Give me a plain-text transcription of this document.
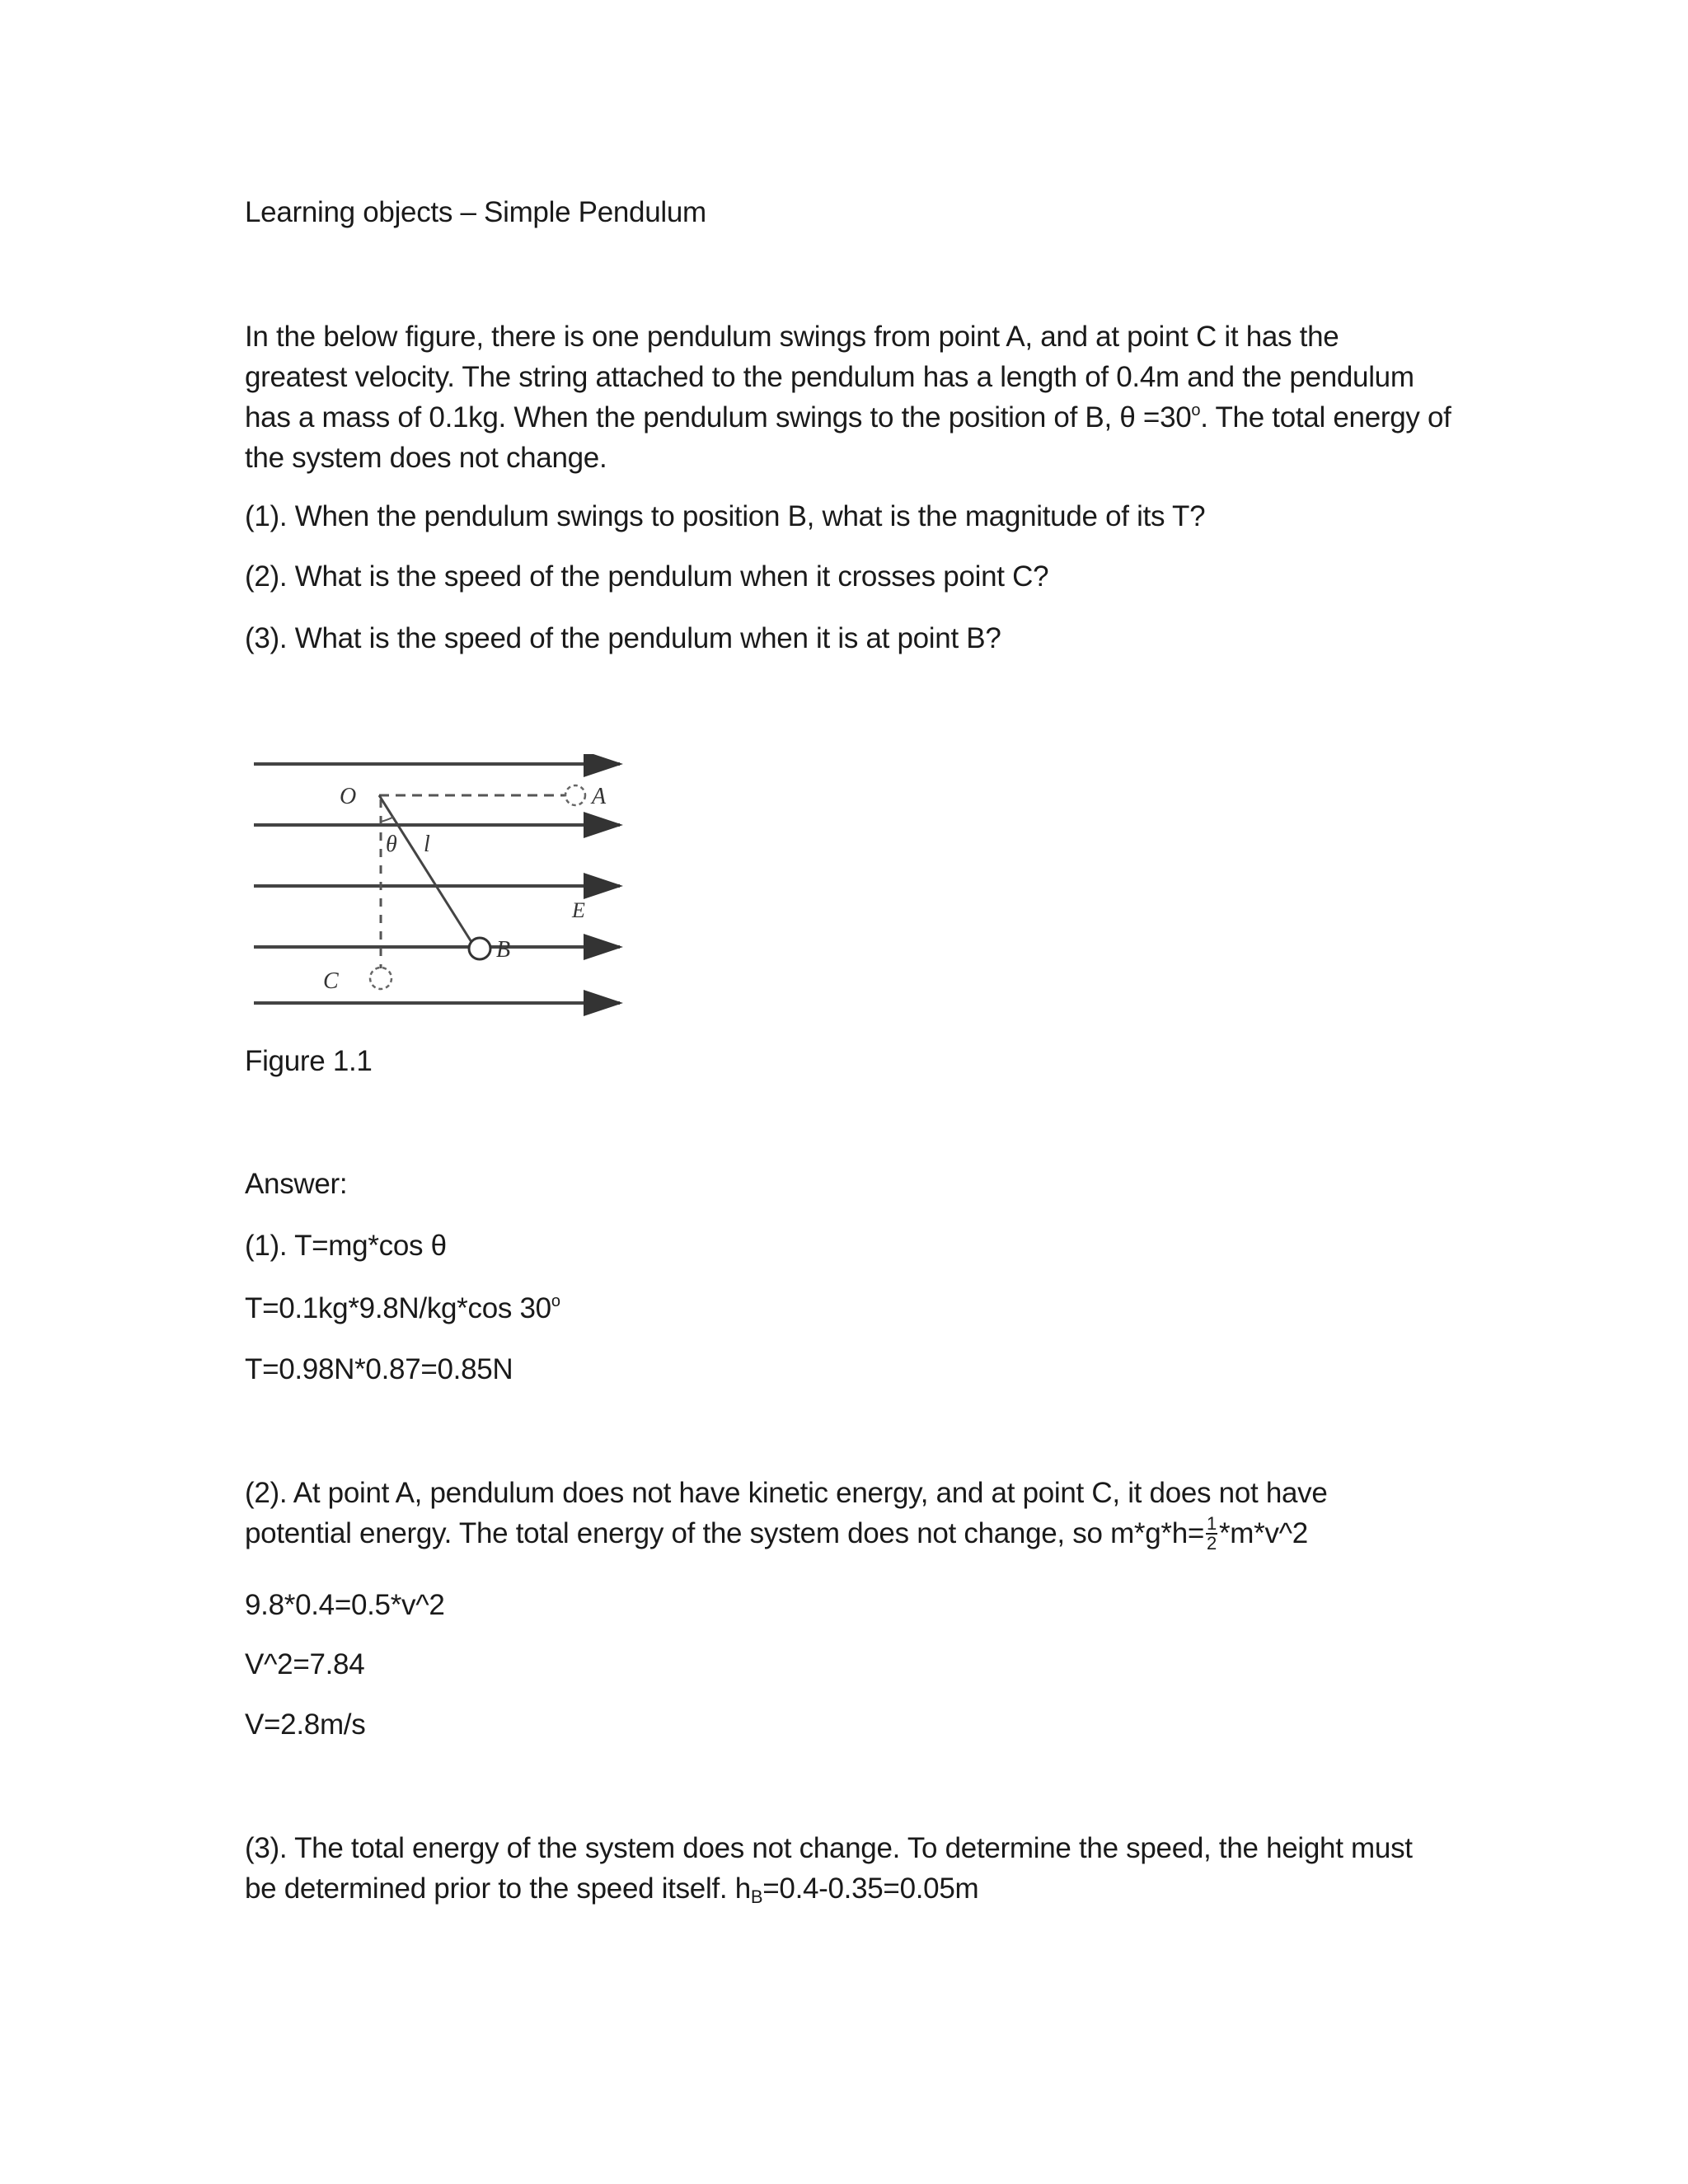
Learning objects – Simple Pendulum

In the below figure, there is one pendulum swings from point A, and at point C it has the

greatest velocity. The string attached to the pendulum has a length of 0.4m and the pendulum

has a mass of 0.1kg. When the pendulum swings to the position of B, $\theta =30^o$. The total energy of

the system does not change.

(1). When the pendulum swings to position B, what is the magnitude of its T?
(2). What is the speed of the pendulum when it crosses point C?
(3). What is the speed of the pendulum when it is at point B?
O	A
θ l
E
B
C
Figure 1.1
Answer:
(1). T=mg*cos θ
T=0.1kg*9.8N/kg*cos 30$^o$
T=0.98N*0.87=0.85N

(2). At point A, pendulum does not have kinetic energy, and at point C, it does not have

potential energy. The total energy of the system does not change, so $m*g*h= \frac{1}{2}$ *m*v^2

9.8*0.4=0.5*v^2
V^2=7.84
V=2.8m/s

(3). The total energy of the system does not change. To determine the speed, the height must

be determined prior to the speed itself. $h_B=0.4-0.35=0.05m$
